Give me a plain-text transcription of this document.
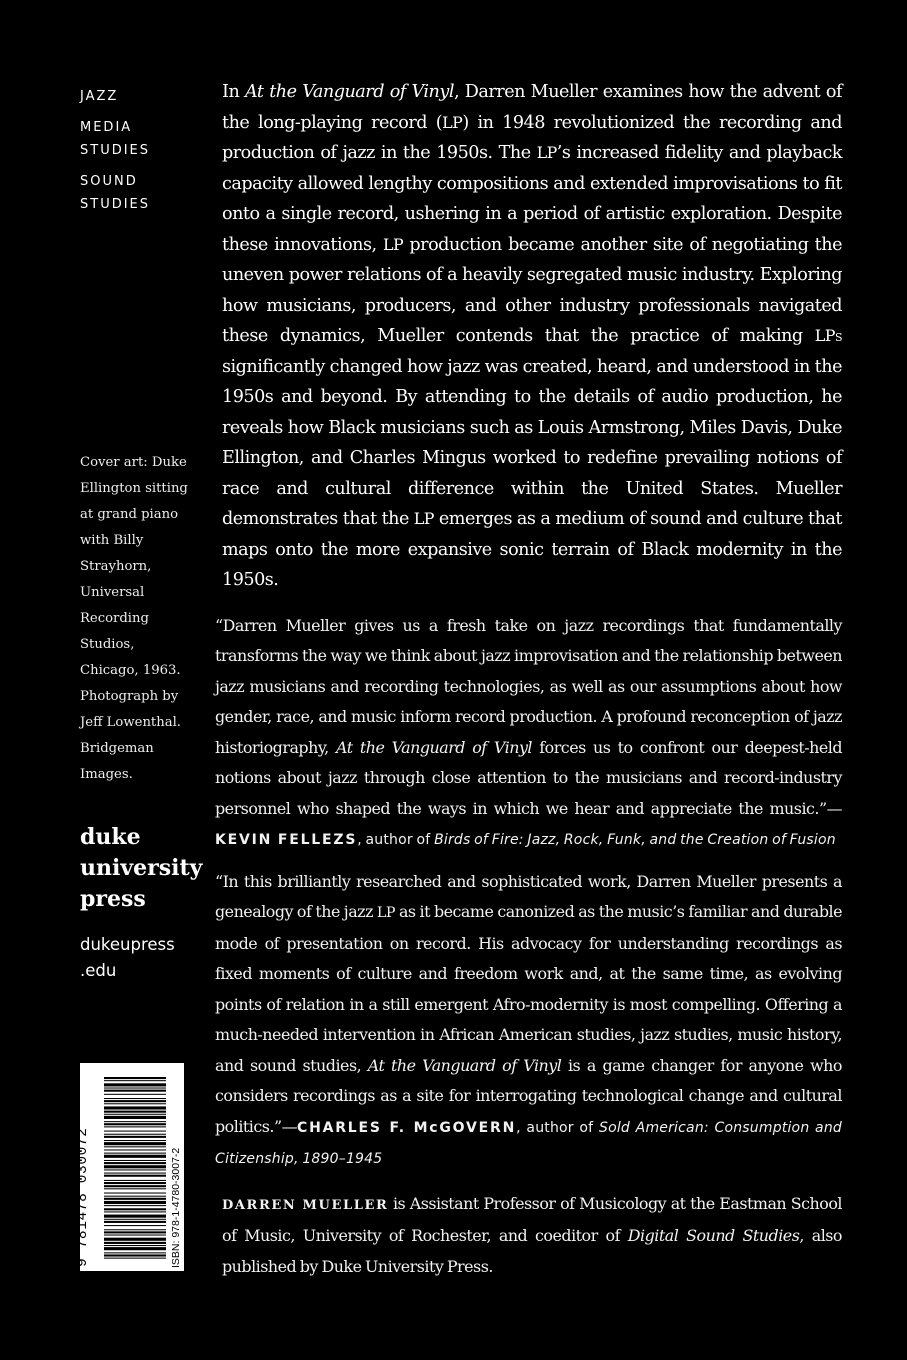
JAZZ
MEDIA
STUDIES
SOUND
STUDIES
Cover art: Duke Ellington sitting at grand piano with Billy Strayhorn, Universal Recording Studios, Chicago, 1963. Photograph by Jeff Lowenthal. Bridgeman Images.
duke
university
press
dukeupress
.edu
ISBN: 978-1-4780-3007-2
9 781478 030072

In At the Vanguard of Vinyl, Darren Mueller examines how the advent of the long-playing record (LP) in 1948 revolutionized the recording and production of jazz in the 1950s. The LP’s increased fidelity and playback capacity allowed lengthy compositions and extended improvisations to fit onto a single record, ushering in a period of artistic exploration. Despite these innovations, LP production became another site of negotiating the uneven power relations of a heavily segregated music industry. Exploring how musicians, producers, and other industry professionals navigated these dynamics, Mueller contends that the practice of making LPs significantly changed how jazz was created, heard, and understood in the 1950s and beyond. By attending to the details of audio production, he reveals how Black musicians such as Louis Armstrong, Miles Davis, Duke Ellington, and Charles Mingus worked to redefine prevailing notions of race and cultural difference within the United States. Mueller demonstrates that the LP emerges as a medium of sound and culture that maps onto the more expansive sonic terrain of Black modernity in the 1950s.

“Darren Mueller gives us a fresh take on jazz recordings that fundamentally transforms the way we think about jazz improvisation and the relationship between jazz musicians and recording technologies, as well as our assumptions about how gender, race, and music inform record production. A profound reconception of jazz historiography, At the Vanguard of Vinyl forces us to confront our deepest-held notions about jazz through close attention to the musicians and record-industry personnel who shaped the ways in which we hear and appreciate the music.”—KEVIN FELLEZS, author of Birds of Fire: Jazz, Rock, Funk, and the Creation of Fusion

“In this brilliantly researched and sophisticated work, Darren Mueller presents a genealogy of the jazz LP as it became canonized as the music’s familiar and durable mode of presentation on record. His advocacy for understanding recordings as fixed moments of culture and freedom work and, at the same time, as evolving points of relation in a still emergent Afro-modernity is most compelling. Offering a much-needed intervention in African American studies, jazz studies, music history, and sound studies, At the Vanguard of Vinyl is a game changer for anyone who considers recordings as a site for interrogating technological change and cultural politics.”—CHARLES F. McGOVERN, author of Sold American: Consumption and Citizenship, 1890–1945

DARREN MUELLER is Assistant Professor of Musicology at the Eastman School of Music, University of Rochester, and coeditor of Digital Sound Studies, also published by Duke University Press.
